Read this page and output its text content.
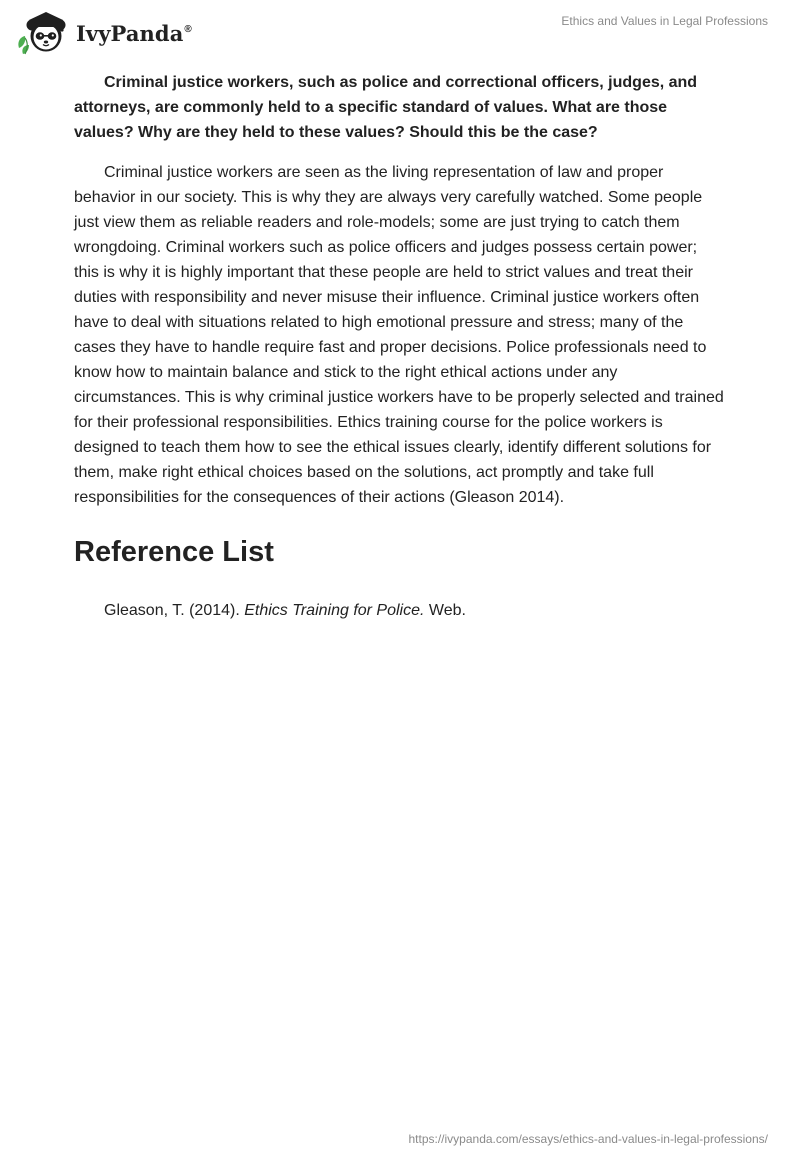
IvyPanda®
Ethics and Values in Legal Professions

Criminal justice workers, such as police and correctional officers, judges, and attorneys, are commonly held to a specific standard of values. What are those values? Why are they held to these values? Should this be the case?

Criminal justice workers are seen as the living representation of law and proper behavior in our society. This is why they are always very carefully watched. Some people just view them as reliable readers and role-models; some are just trying to catch them wrongdoing. Criminal workers such as police officers and judges possess certain power; this is why it is highly important that these people are held to strict values and treat their duties with responsibility and never misuse their influence. Criminal justice workers often have to deal with situations related to high emotional pressure and stress; many of the cases they have to handle require fast and proper decisions. Police professionals need to know how to maintain balance and stick to the right ethical actions under any circumstances. This is why criminal justice workers have to be properly selected and trained for their professional responsibilities. Ethics training course for the police workers is designed to teach them how to see the ethical issues clearly, identify different solutions for them, make right ethical choices based on the solutions, act promptly and take full responsibilities for the consequences of their actions (Gleason 2014).

Reference List

Gleason, T. (2014). Ethics Training for Police. Web.

https://ivypanda.com/essays/ethics-and-values-in-legal-professions/
